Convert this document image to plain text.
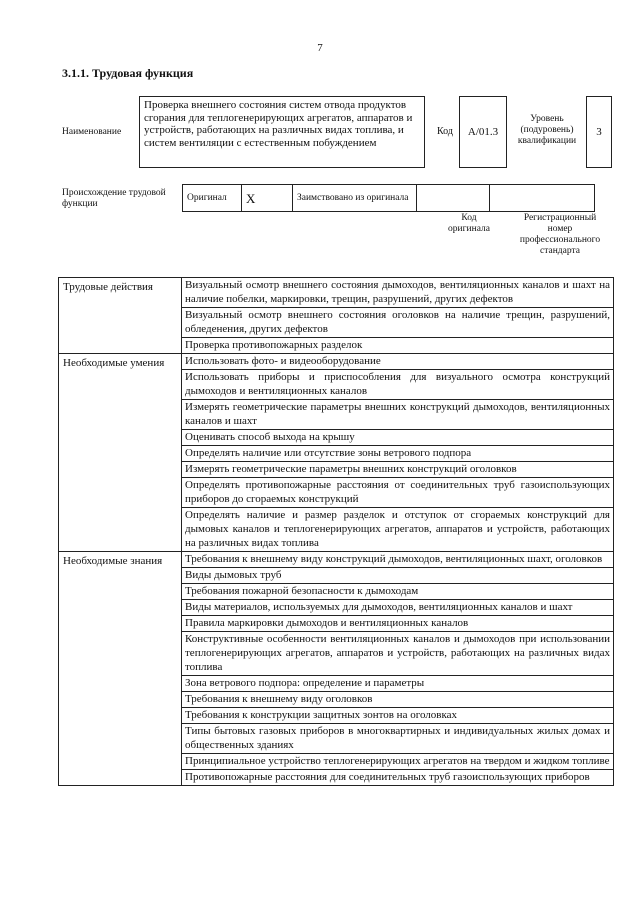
7
3.1.1. Трудовая функция
Наименование
Проверка внешнего состояния систем отвода продуктов сгорания для теплогенерирующих агрегатов, аппаратов и устройств, работающих на различных видах топлива, и систем вентиляции с естественным побуждением
Код	A/01.3
Уровень (подуровень) квалификации
3
Происхождение трудовой функции
Оригинал	X	Заимствовано из оригинала		
Код оригинала
Регистрационный номер профессионального стандарта
Трудовые действия	Визуальный осмотр внешнего состояния дымоходов, вентиляционных каналов и шахт на наличие побелки, маркировки, трещин, разрушений, других дефектов
	Визуальный осмотр внешнего состояния оголовков на наличие трещин, разрушений, обледенения, других дефектов
	Проверка противопожарных разделок
Необходимые умения	Использовать фото- и видеооборудование
	Использовать приборы и приспособления для визуального осмотра конструкций дымоходов и вентиляционных каналов
	Измерять геометрические параметры внешних конструкций дымоходов, вентиляционных каналов и шахт
	Оценивать способ выхода на крышу
	Определять наличие или отсутствие зоны ветрового подпора
	Измерять геометрические параметры внешних конструкций оголовков
	Определять противопожарные расстояния от соединительных труб газоиспользующих приборов до сгораемых конструкций
	Определять наличие и размер разделок и отступок от сгораемых конструкций для дымовых каналов и теплогенерирующих агрегатов, аппаратов и устройств, работающих на различных видах топлива
Необходимые знания	Требования к внешнему виду конструкций дымоходов, вентиляционных шахт, оголовков
	Виды дымовых труб
	Требования пожарной безопасности к дымоходам
	Виды материалов, используемых для дымоходов, вентиляционных каналов и шахт
	Правила маркировки дымоходов и вентиляционных каналов
	Конструктивные особенности вентиляционных каналов и дымоходов при использовании теплогенерирующих агрегатов, аппаратов и устройств, работающих на различных видах топлива
	Зона ветрового подпора: определение и параметры
	Требования к внешнему виду оголовков
	Требования к конструкции защитных зонтов на оголовках
	Типы бытовых газовых приборов в многоквартирных и индивидуальных жилых домах и общественных зданиях
	Принципиальное устройство теплогенерирующих агрегатов на твердом и жидком топливе
	Противопожарные расстояния для соединительных труб газоиспользующих приборов
